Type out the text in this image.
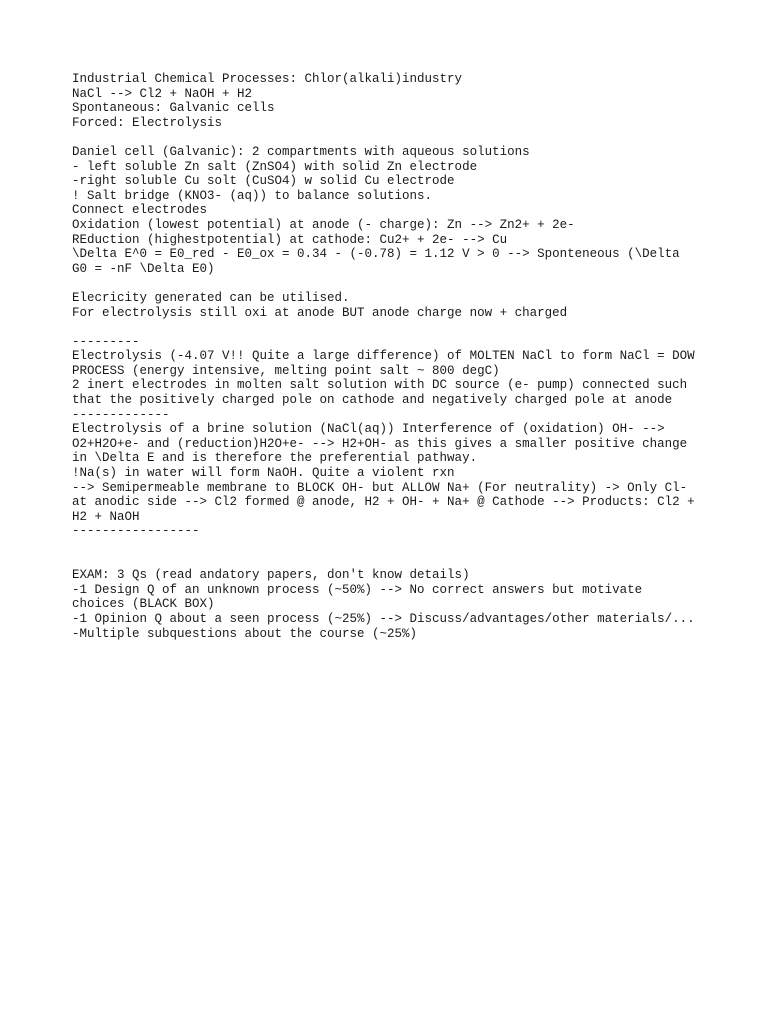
Industrial Chemical Processes: Chlor(alkali)industry
NaCl --> Cl2 + NaOH + H2
Spontaneous: Galvanic cells
Forced: Electrolysis
Daniel cell (Galvanic): 2 compartments with aqueous solutions
- left soluble Zn salt (ZnSO4) with solid Zn electrode
-right soluble Cu solt (CuSO4) w solid Cu electrode
! Salt bridge (KNO3- (aq)) to balance solutions.
Connect electrodes
Oxidation (lowest potential) at anode (- charge): Zn --> Zn2+ + 2e-
REduction (highestpotential) at cathode: Cu2+ + 2e- --> Cu
\Delta E^0 = E0_red - E0_ox = 0.34 - (-0.78) = 1.12 V > 0 --> Sponteneous (\Delta
G0 = -nF \Delta E0)
Elecricity generated can be utilised.
For electrolysis still oxi at anode BUT anode charge now + charged
---------
Electrolysis (-4.07 V!! Quite a large difference) of MOLTEN NaCl to form NaCl = DOW
PROCESS (energy intensive, melting point salt ~ 800 degC)
2 inert electrodes in molten salt solution with DC source (e- pump) connected such
that the positively charged pole on cathode and negatively charged pole at anode
-------------
Electrolysis of a brine solution (NaCl(aq)) Interference of (oxidation) OH- -->
O2+H2O+e- and (reduction)H2O+e- --> H2+OH- as this gives a smaller positive change
in \Delta E and is therefore the preferential pathway.
!Na(s) in water will form NaOH. Quite a violent rxn
--> Semipermeable membrane to BLOCK OH- but ALLOW Na+ (For neutrality) -> Only Cl-
at anodic side --> Cl2 formed @ anode, H2 + OH- + Na+ @ Cathode --> Products: Cl2 +
H2 + NaOH
-----------------
EXAM: 3 Qs (read andatory papers, don't know details)
-1 Design Q of an unknown process (~50%) --> No correct answers but motivate
choices (BLACK BOX)
-1 Opinion Q about a seen process (~25%) --> Discuss/advantages/other materials/...
-Multiple subquestions about the course (~25%)
